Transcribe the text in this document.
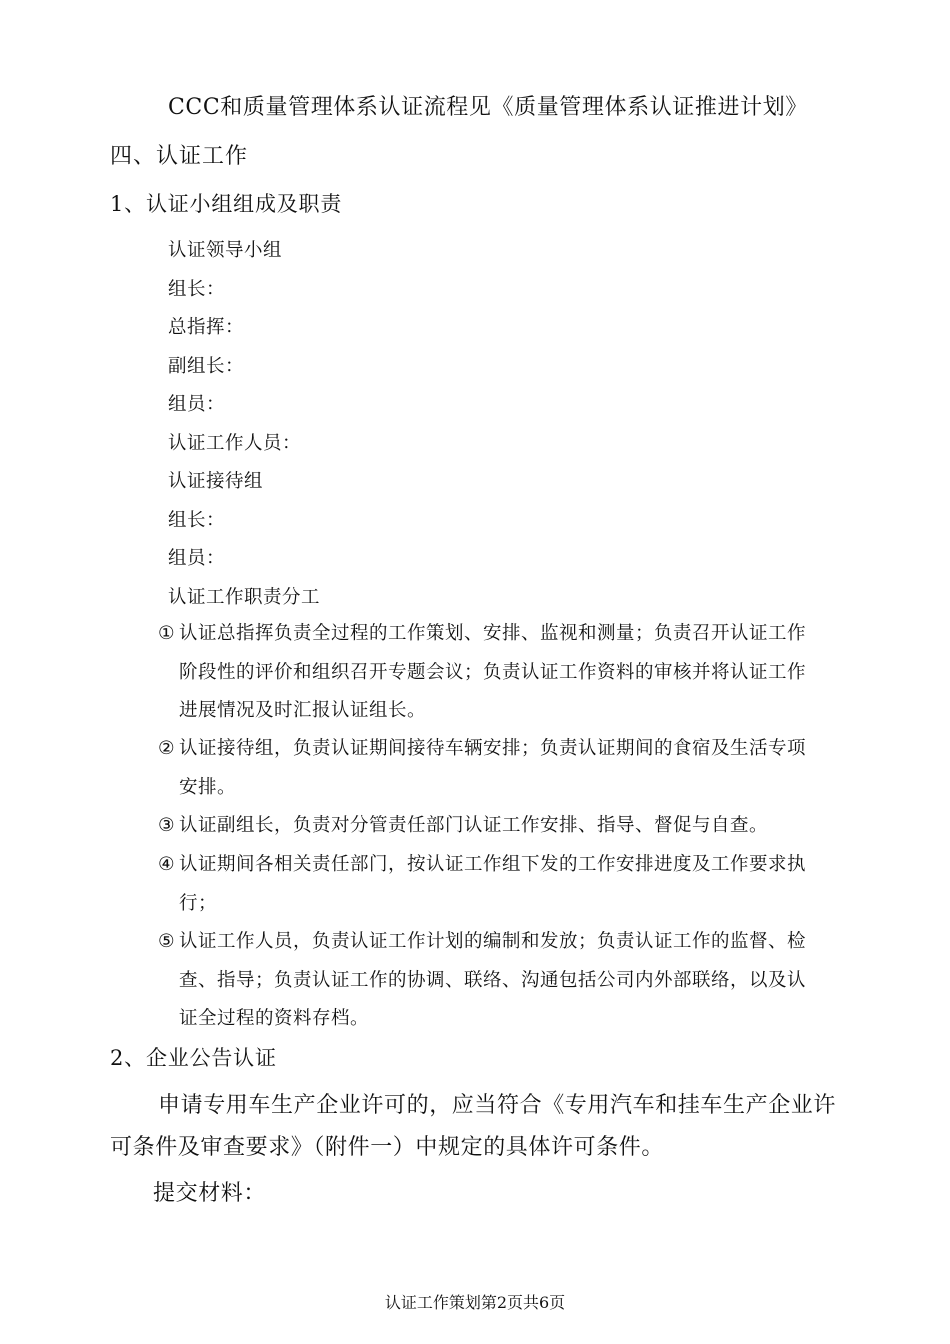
CCC和质量管理体系认证流程见《质量管理体系认证推进计划》
四、认证工作
1、认证小组组成及职责
认证领导小组
组长：
总指挥：
副组长：
组员：
认证工作人员：
认证接待组
组长：
组员：
认证工作职责分工
① 认证总指挥负责全过程的工作策划、安排、监视和测量；负责召开认证工作
阶段性的评价和组织召开专题会议；负责认证工作资料的审核并将认证工作
进展情况及时汇报认证组长。
② 认证接待组，负责认证期间接待车辆安排；负责认证期间的食宿及生活专项
安排。
③ 认证副组长，负责对分管责任部门认证工作安排、指导、督促与自查。
④ 认证期间各相关责任部门，按认证工作组下发的工作安排进度及工作要求执
行；
⑤ 认证工作人员，负责认证工作计划的编制和发放；负责认证工作的监督、检
查、指导；负责认证工作的协调、联络、沟通包括公司内外部联络，以及认
证全过程的资料存档。
2、企业公告认证
申请专用车生产企业许可的，应当符合《专用汽车和挂车生产企业许可条件及审查要求》（附件一）中规定的具体许可条件。
提交材料：
认证工作策划第2页共6页
